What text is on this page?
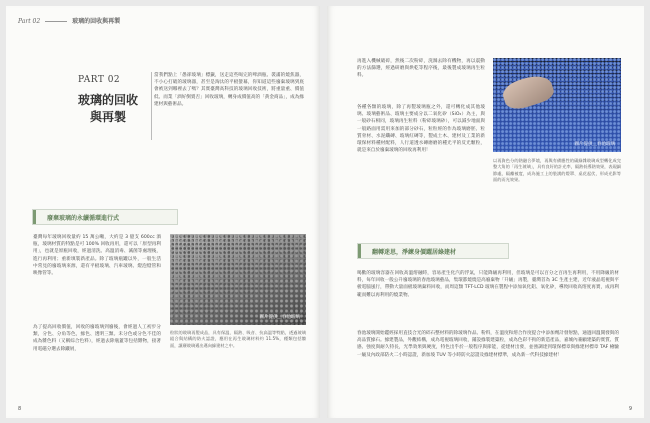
Part 02	玻璃的回收與再製
PART 02
玻璃的回收
與再製
當我們點上「愚卻玻璃」標籤，送走這些喝完的啤酒瓶、裝滿的燒焦器，不小心打破的玻璃器，甚至是淘汰的平板螢幕，你知道這些廢棄玻璃到底會被送到哪裡去了嗎？其實臺灣高科技的玻璃回收技術，將重量重、價值低、而業「酒好倒賣否」回收玻璃，轉身成價值高的「黃金商品」，成為綠建材與藝術品。
廢棄玻璃的永續循環進行式
臺灣每年玻璃回收量約 15 萬公噸，大約是 3 億支 600cc 酒瓶，玻璃材質的特點是可 100% 回收再用，還可以「原型再利用」，也就是原瓶回收，經過清洗、高溫消毒、滅菌等處理後，進行再利用；重新填裝新產品。除了玻璃瓶罐以外，一般生活中常見的廢玻璃來源，還有平板玻璃、汽車玻璃、燈泡燈管和映像管等。
為了提高回收價值，回收的廢玻璃到廢後，會經過人工初步分類，分色、分角等色，綠色、透明三類。未分色或分色不佳的成為雜色料（又稱綜合色料），經過去除瓶蓋等包括雜物，接著用電磁分選去除鐵屑，
圖片提供＿春池玻璃
粒狀的玻璃再製成品，具有保溫、隔熱、吸音、抗高溫等特點，透過玻璃組合與結構的防火認證，應用在再生玻璃材料約 11.5%，種類包括牆面，讓廢玻璃邁出邁向綠建材之中。
8
再進入機械破碎，然後二次粉碎，洗滌去除有機物，再以震動的方法篩選，經過研磨與烘乾等程序後，最後製成玻璃再生粒料。
各種各類的玻璃，除了再製玻璃瓶之外，還可轉化成其他玻璃、玻璃藝術品、玻璃主要成分以二氧化矽（SiO₂）為主，與一般砂石相同，玻璃再生粒料（粉碎玻璃砂），可以減少地面與一般路面用需用來加的部分砂石，粒粒經的作為玻璃磨胚、粒質骨材、水泥纖磚、玻璃紅磚等，製成土木、建材及工業的新環保材料種材配料，人行道透水磚磨磨的種光平的反光顆粒，就是來自於廢棄玻璃的回收再利用！
圖片提供＿春池玻璃
以再資色分的熱融合夢境，再與有備應性的碳綠雜玻璃成型轉化成完整大角的「再生玻璃」，具有良好的計光率，隔熱低導熱效果，表現細節處，隔離被度，成為施工上的裝潢的燈罩、桌花起伏，形成光影等面的而光效果。
翻轉迷思，淨練身價躍居綠建材
喝歡的玻璃容器在回收高溫熔融時，容易產生化汽的浮氣，只能降級再利用，但玻璃是可以百分之百再生再利用，不用降級的材料，每年回收一般公升廢玻璃的春池玻璃藝品，集環都燒燒是高廢棄物「升級」再製，臺灣首為 3C 生產主建，近年液晶電視與平板電腦風行，帶動大量面板玻璃棄料回收，而周這類 TFT-LCD 玻璃在製程中添加氧化鋁、氧化矽，導致回收高熔度再實，成再利範而難以再利用的燒業物。
春池玻璃開始鑑經採用直技合光的碎石整材料的除玻璃作品。粉料，在溫度和熔合作度提合中添加劑計發射點，通過回溫開發與的高品質綠石。綠建製品，外觀結構，成為電視玻璃回收，鋪設綠裝建築粒，成為色彩不拘的新造產品，嘉城內兼顧建築的實質、質感、強度與耐久特長，光學效果與硬度，特色出乎於一般程序與節能，從建材出發，並強調達到環保標章與綠建材標章 TAF 檢驗一級及內政部防火二小時認證，新加坡 TUV 等小時防火認證及綠建材標準，成為新一代科技綠建材！
9
